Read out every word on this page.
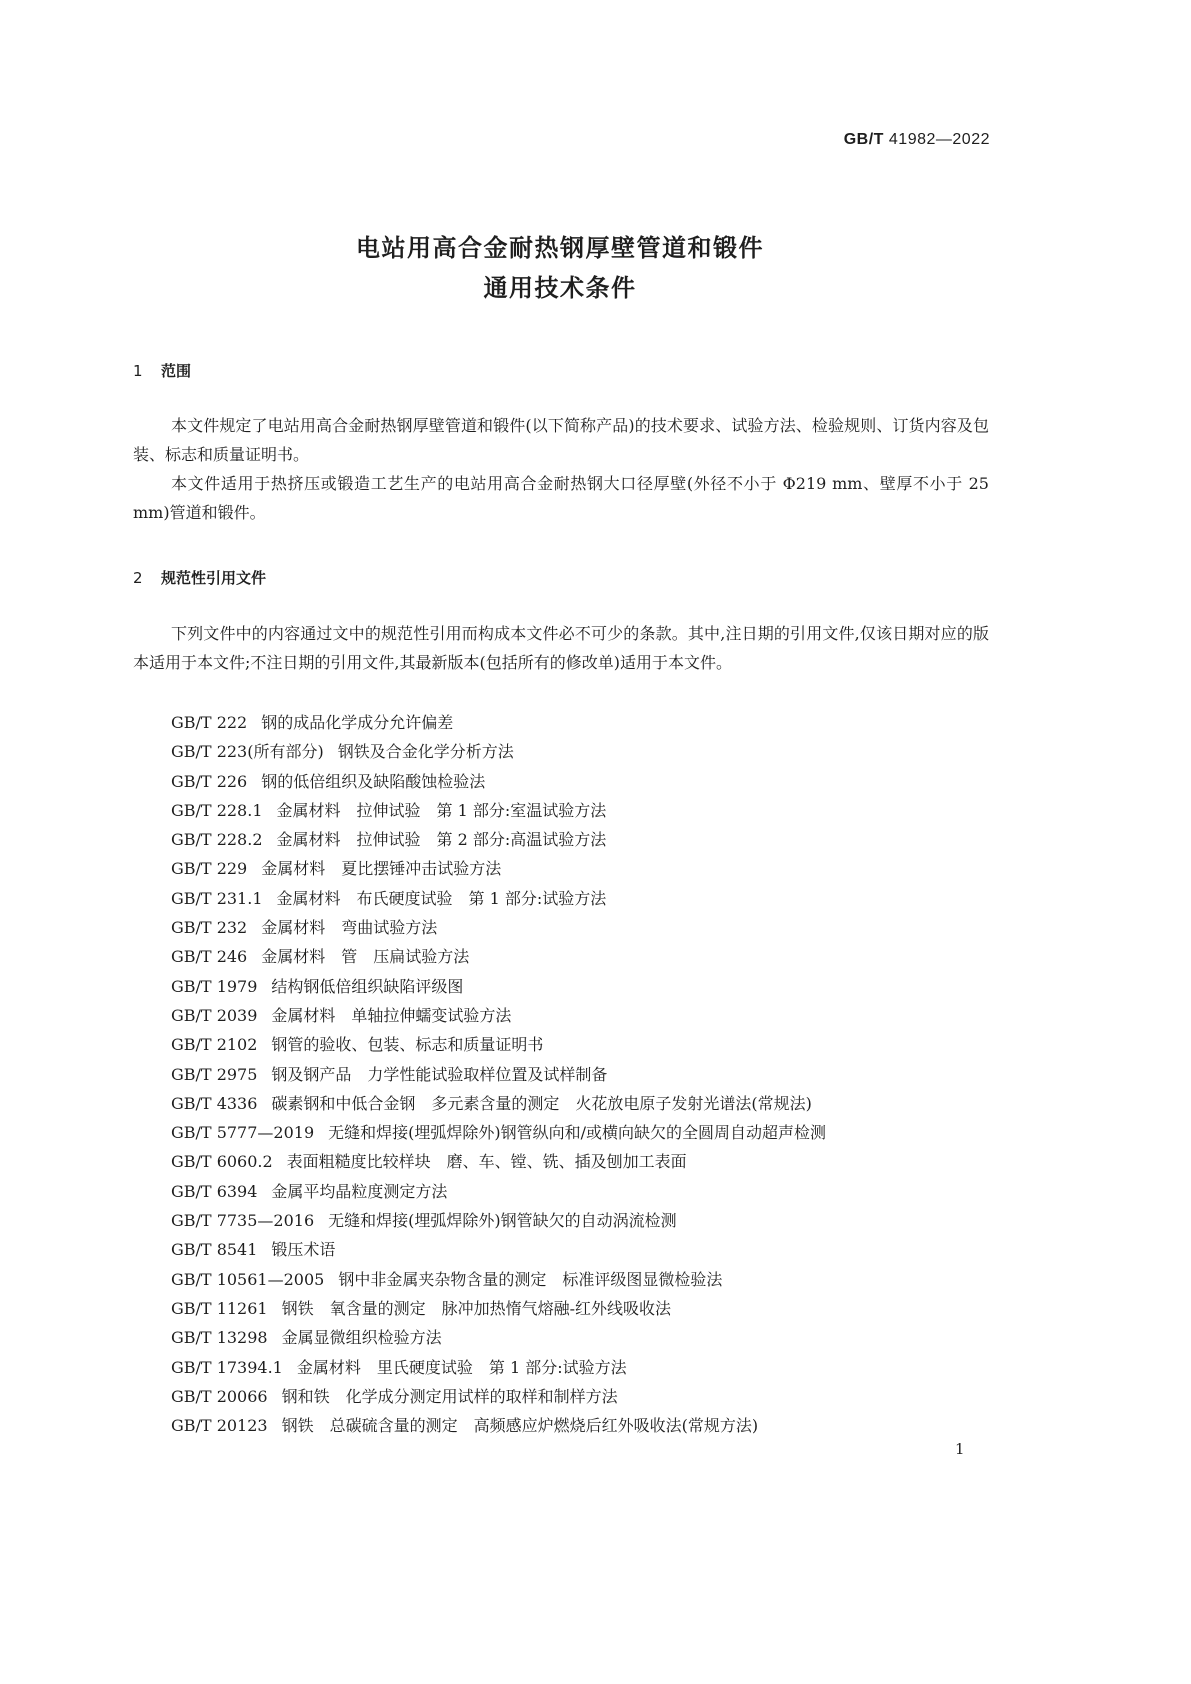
GB/T 41982—2022
电站用高合金耐热钢厚壁管道和锻件
通用技术条件
1 范围

本文件规定了电站用高合金耐热钢厚壁管道和锻件(以下简称产品)的技术要求、试验方法、检验规则、订货内容及包装、标志和质量证明书。

本文件适用于热挤压或锻造工艺生产的电站用高合金耐热钢大口径厚壁(外径不小于 Φ219 mm、壁厚不小于 25 mm)管道和锻件。

2 规范性引用文件

下列文件中的内容通过文中的规范性引用而构成本文件必不可少的条款。其中,注日期的引用文件,仅该日期对应的版本适用于本文件;不注日期的引用文件,其最新版本(包括所有的修改单)适用于本文件。

GB/T 222 钢的成品化学成分允许偏差
GB/T 223(所有部分) 钢铁及合金化学分析方法
GB/T 226 钢的低倍组织及缺陷酸蚀检验法
GB/T 228.1 金属材料　拉伸试验　第 1 部分:室温试验方法
GB/T 228.2 金属材料　拉伸试验　第 2 部分:高温试验方法
GB/T 229 金属材料　夏比摆锤冲击试验方法
GB/T 231.1 金属材料　布氏硬度试验　第 1 部分:试验方法
GB/T 232 金属材料　弯曲试验方法
GB/T 246 金属材料　管　压扁试验方法
GB/T 1979 结构钢低倍组织缺陷评级图
GB/T 2039 金属材料　单轴拉伸蠕变试验方法
GB/T 2102 钢管的验收、包装、标志和质量证明书
GB/T 2975 钢及钢产品　力学性能试验取样位置及试样制备
GB/T 4336 碳素钢和中低合金钢　多元素含量的测定　火花放电原子发射光谱法(常规法)
GB/T 5777—2019 无缝和焊接(埋弧焊除外)钢管纵向和/或横向缺欠的全圆周自动超声检测
GB/T 6060.2 表面粗糙度比较样块　磨、车、镗、铣、插及刨加工表面
GB/T 6394 金属平均晶粒度测定方法
GB/T 7735—2016 无缝和焊接(埋弧焊除外)钢管缺欠的自动涡流检测
GB/T 8541 锻压术语
GB/T 10561—2005 钢中非金属夹杂物含量的测定　标准评级图显微检验法
GB/T 11261 钢铁　氧含量的测定　脉冲加热惰气熔融-红外线吸收法
GB/T 13298 金属显微组织检验方法
GB/T 17394.1 金属材料　里氏硬度试验　第 1 部分:试验方法
GB/T 20066 钢和铁　化学成分测定用试样的取样和制样方法
GB/T 20123 钢铁　总碳硫含量的测定　高频感应炉燃烧后红外吸收法(常规方法)
1
